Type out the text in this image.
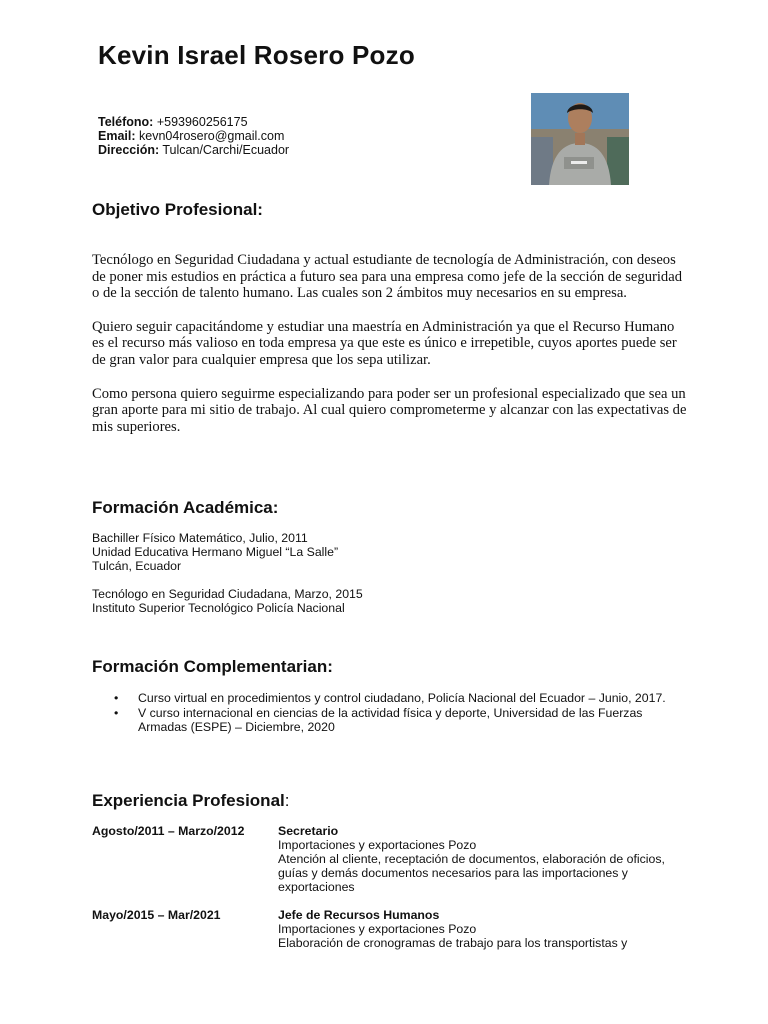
Kevin Israel Rosero Pozo
Teléfono: +593960256175
Email: kevn04rosero@gmail.com
Dirección: Tulcan/Carchi/Ecuador
Objetivo Profesional:

Tecnólogo en Seguridad Ciudadana y actual estudiante de tecnología de Administración, con deseos de poner mis estudios en práctica a futuro sea para una empresa como jefe de la sección de seguridad o de la sección de talento humano. Las cuales son 2 ámbitos muy necesarios en su empresa.

Quiero seguir capacitándome y estudiar una maestría en Administración ya que el Recurso Humano es el recurso más valioso en toda empresa ya que este es único e irrepetible, cuyos aportes puede ser de gran valor para cualquier empresa que los sepa utilizar.

Como persona quiero seguirme especializando para poder ser un profesional especializado que sea un gran aporte para mi sitio de trabajo. Al cual quiero comprometerme y alcanzar con las expectativas de mis superiores.

Formación Académica:

Bachiller Físico Matemático, Julio, 2011
Unidad Educativa Hermano Miguel “La Salle”
Tulcán, Ecuador

Tecnólogo en Seguridad Ciudadana, Marzo, 2015
Instituto Superior Tecnológico Policía Nacional

Formación Complementarian:
• Curso virtual en procedimientos y control ciudadano, Policía Nacional del Ecuador – Junio, 2017.
• V curso internacional en ciencias de la actividad física y deporte, Universidad de las Fuerzas Armadas (ESPE) – Diciembre, 2020
Experiencia Profesional:
Agosto/2011 – Marzo/2012	Secretario
Importaciones y exportaciones Pozo
Atención al cliente, receptación de documentos, elaboración de oficios, guías y demás documentos necesarios para las importaciones y exportaciones
Mayo/2015 – Mar/2021	Jefe de Recursos Humanos
Importaciones y exportaciones Pozo
Elaboración de cronogramas de trabajo para los transportistas y
